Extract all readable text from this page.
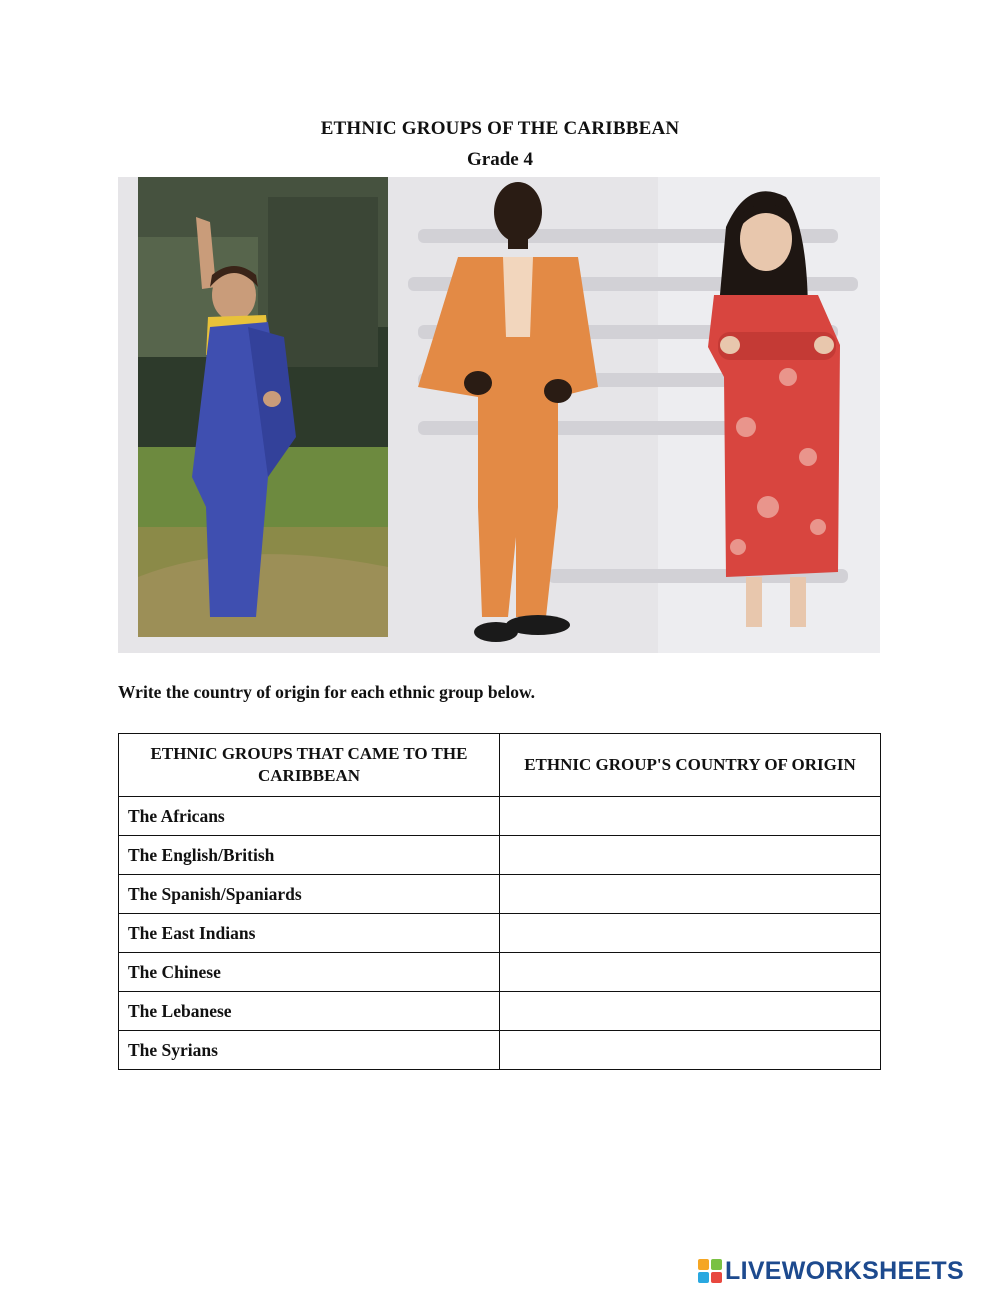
ETHNIC GROUPS OF THE CARIBBEAN
Grade 4
Write the country of origin for each ethnic group below.
ETHNIC GROUPS THAT CAME TO THE CARIBBEAN	ETHNIC GROUP'S COUNTRY OF ORIGIN
The Africans	
The English/British	
The Spanish/Spaniards	
The East Indians	
The Chinese	
The Lebanese	
The Syrians	
LIVEWORKSHEETS
